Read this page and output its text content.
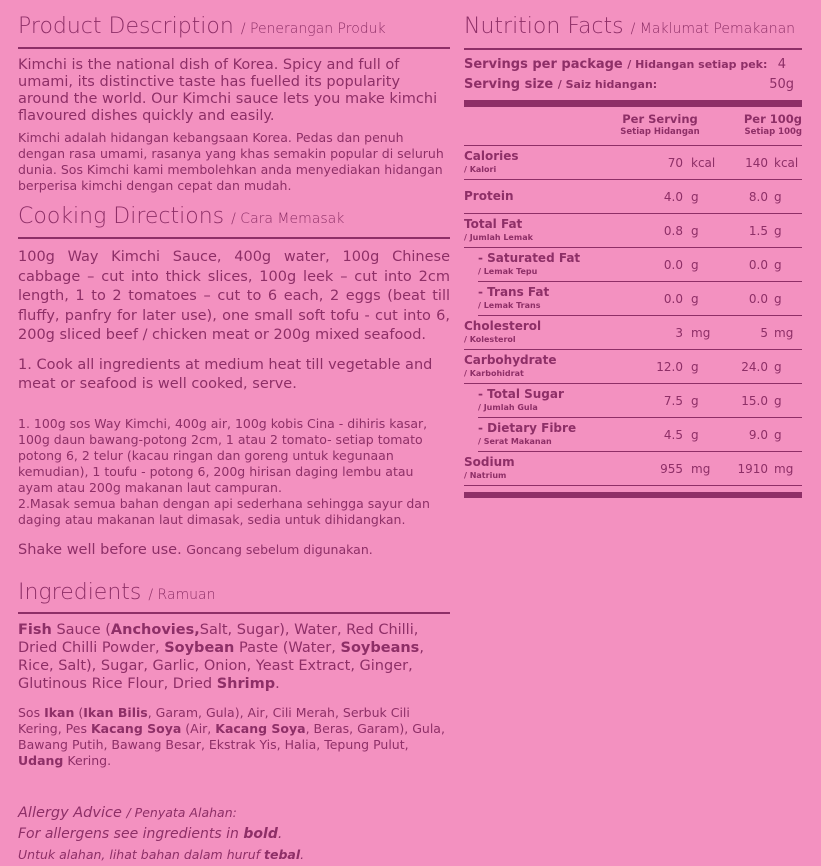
Product Description / Penerangan Produk
Kimchi is the national dish of Korea. Spicy and full of umami, its distinctive taste has fuelled its popularity around the world. Our Kimchi sauce lets you make kimchi flavoured dishes quickly and easily.
Kimchi adalah hidangan kebangsaan Korea. Pedas dan penuh dengan rasa umami, rasanya yang khas semakin popular di seluruh dunia. Sos Kimchi kami membolehkan anda menyediakan hidangan berperisa kimchi dengan cepat dan mudah.
Cooking Directions / Cara Memasak
100g Way Kimchi Sauce, 400g water, 100g Chinese cabbage – cut into thick slices, 100g leek – cut into 2cm length, 1 to 2 tomatoes – cut to 6 each, 2 eggs (beat till fluffy, panfry for later use), one small soft tofu - cut into 6, 200g sliced beef / chicken meat or 200g mixed seafood.
1. Cook all ingredients at medium heat till vegetable and meat or seafood is well cooked, serve.
1. 100g sos Way Kimchi, 400g air, 100g kobis Cina - dihiris kasar, 100g daun bawang-potong 2cm, 1 atau 2 tomato- setiap tomato potong 6, 2 telur (kacau ringan dan goreng untuk kegunaan kemudian), 1 toufu - potong 6, 200g hirisan daging lembu atau ayam atau 200g makanan laut campuran.
2.Masak semua bahan dengan api sederhana sehingga sayur dan daging atau makanan laut dimasak, sedia untuk dihidangkan.
Shake well before use. Goncang sebelum digunakan.
Ingredients / Ramuan
Fish Sauce (Anchovies,Salt, Sugar), Water, Red Chilli, Dried Chilli Powder, Soybean Paste (Water, Soybeans, Rice, Salt), Sugar, Garlic, Onion, Yeast Extract, Ginger, Glutinous Rice Flour, Dried Shrimp.
Sos Ikan (Ikan Bilis, Garam, Gula), Air, Cili Merah, Serbuk Cili Kering, Pes Kacang Soya (Air, Kacang Soya, Beras, Garam), Gula, Bawang Putih, Bawang Besar, Ekstrak Yis, Halia, Tepung Pulut, Udang Kering.
Allergy Advice / Penyata Alahan:
For allergens see ingredients in bold.
Untuk alahan, lihat bahan dalam huruf tebal.
Nutrition Facts / Maklumat Pemakanan
Servings per package / Hidangan setiap pek: 4
Serving size / Saiz hidangan:	50g
Per Serving
Setiap Hidangan
Per 100g
Setiap 100g
Calories
/ Kalori	70 kcal	140 kcal
Protein	4.0 g	8.0 g
Total Fat
/ Jumlah Lemak	0.8 g	1.5 g
- Saturated Fat
/ Lemak Tepu	0.0 g	0.0 g
- Trans Fat
/ Lemak Trans	0.0 g	0.0 g
Cholesterol
/ Kolesterol	3 mg	5 mg
Carbohydrate
/ Karbohidrat	12.0 g	24.0 g
- Total Sugar
/ Jumlah Gula	7.5 g	15.0 g
- Dietary Fibre
/ Serat Makanan	4.5 g	9.0 g
Sodium
/ Natrium	955 mg	1910 mg
